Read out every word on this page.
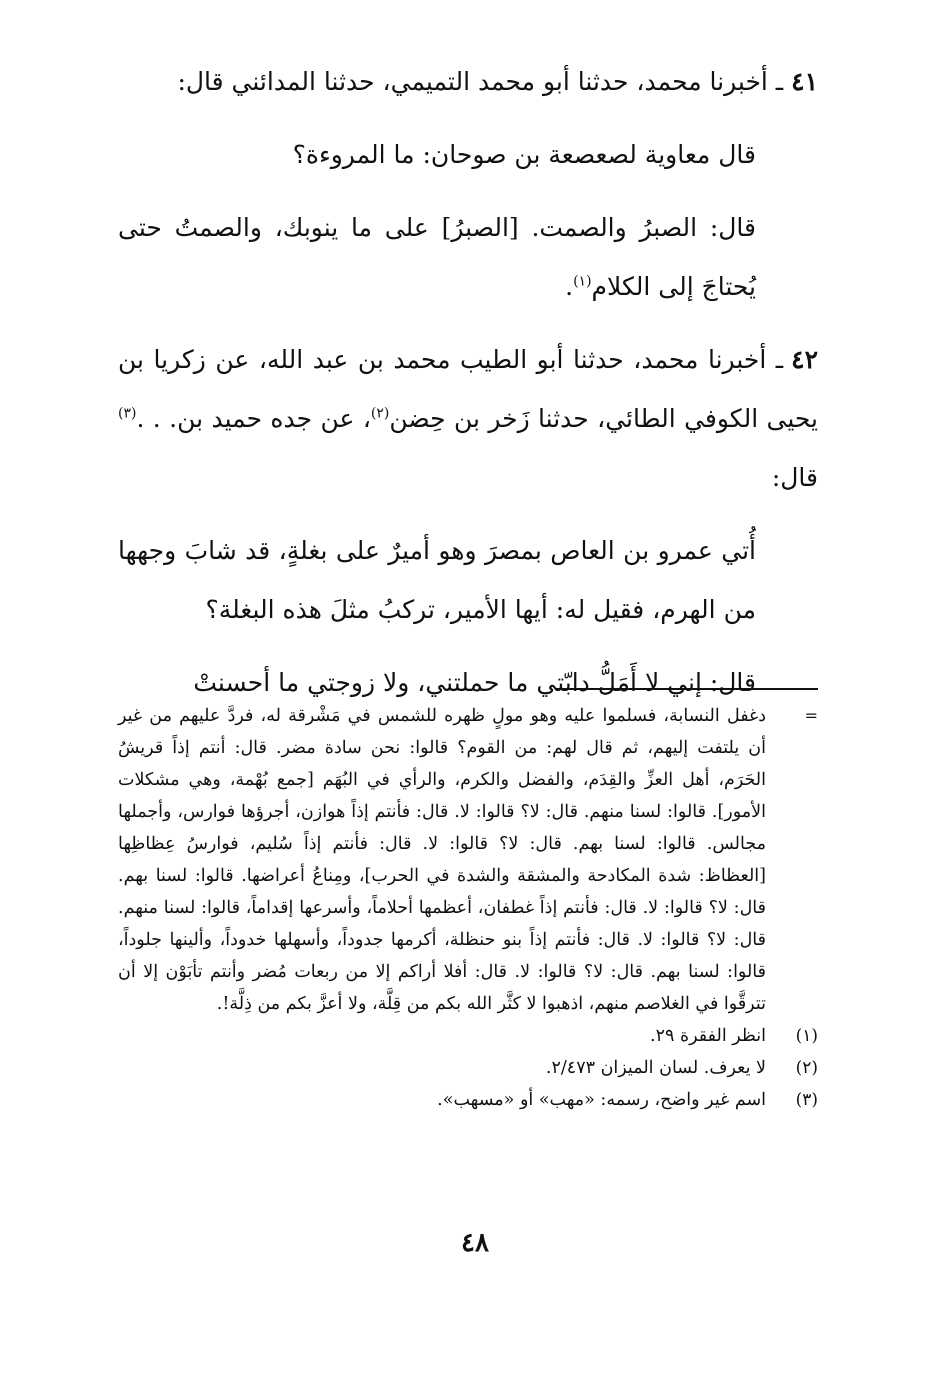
٤١ـ أخبرنا محمد، حدثنا أبو محمد التميمي، حدثنا المدائني قال:

قال معاوية لصعصعة بن صوحان: ما المروءة؟

قال: الصبرُ والصمت. [الصبرُ] على ما ينوبك، والصمتُ حتى يُحتاجَ إلى الكلام$^{(١)}$.

٤٢ـ أخبرنا محمد، حدثنا أبو الطيب محمد بن عبد الله، عن زكريا بن يحيى الكوفي الطائي، حدثنا زَخر بن حِضن$^{(٢)}$، عن جده حميد بن. . .$^{(٣)}$ قال:

أُتي عمرو بن العاص بمصرَ وهو أميرٌ على بغلةٍ، قد شابَ وجهها من الهرم، فقيل له: أيها الأمير، تركبُ مثلَ هذه البغلة؟

قال: إني لا أَمَلُّ دابّتي ما حملتني، ولا زوجتي ما أحسنتْ

=
دغفل النسابة، فسلموا عليه وهو مولٍ ظهره للشمس في مَشْرقة له، فردَّ عليهم من غير أن يلتفت إليهم، ثم قال لهم: من القوم؟ قالوا: نحن سادة مضر. قال: أنتم إذاً قريشُ الحَرَم، أهل العزِّ والقِدَم، والفضل والكرم، والرأي في البُهَم [جمع بُهْمة، وهي مشكلات الأمور]. قالوا: لسنا منهم. قال: لا؟ قالوا: لا. قال: فأنتم إذاً هوازن، أجرؤها فوارس، وأجملها مجالس. قالوا: لسنا بهم. قال: لا؟ قالوا: لا. قال: فأنتم إذاً سُليم، فوارسُ عِظاظِها [العظاظ: شدة المكادحة والمشقة والشدة في الحرب]، ومِناعُ أعراضها. قالوا: لسنا بهم. قال: لا؟ قالوا: لا. قال: فأنتم إذاً غطفان، أعظمها أحلاماً، وأسرعها إقداماً، قالوا: لسنا منهم. قال: لا؟ قالوا: لا. قال: فأنتم إذاً بنو حنظلة، أكرمها جدوداً، وأسهلها خدوداً، وألينها جلوداً، قالوا: لسنا بهم. قال: لا؟ قالوا: لا. قال: أفلا أراكم إلا من ربعات مُضر وأنتم تأبَوْن إلا أن تترقَّوا في الغلاصم منهم، اذهبوا لا كثَّر الله بكم من قِلَّة، ولا أعزَّ بكم من ذِلَّة!.
(١)
انظر الفقرة ٢٩.
(٢)
لا يعرف. لسان الميزان ٢/٤٧٣.
(٣)
اسم غير واضح، رسمه: «مهب» أو «مسهب».
٤٨
